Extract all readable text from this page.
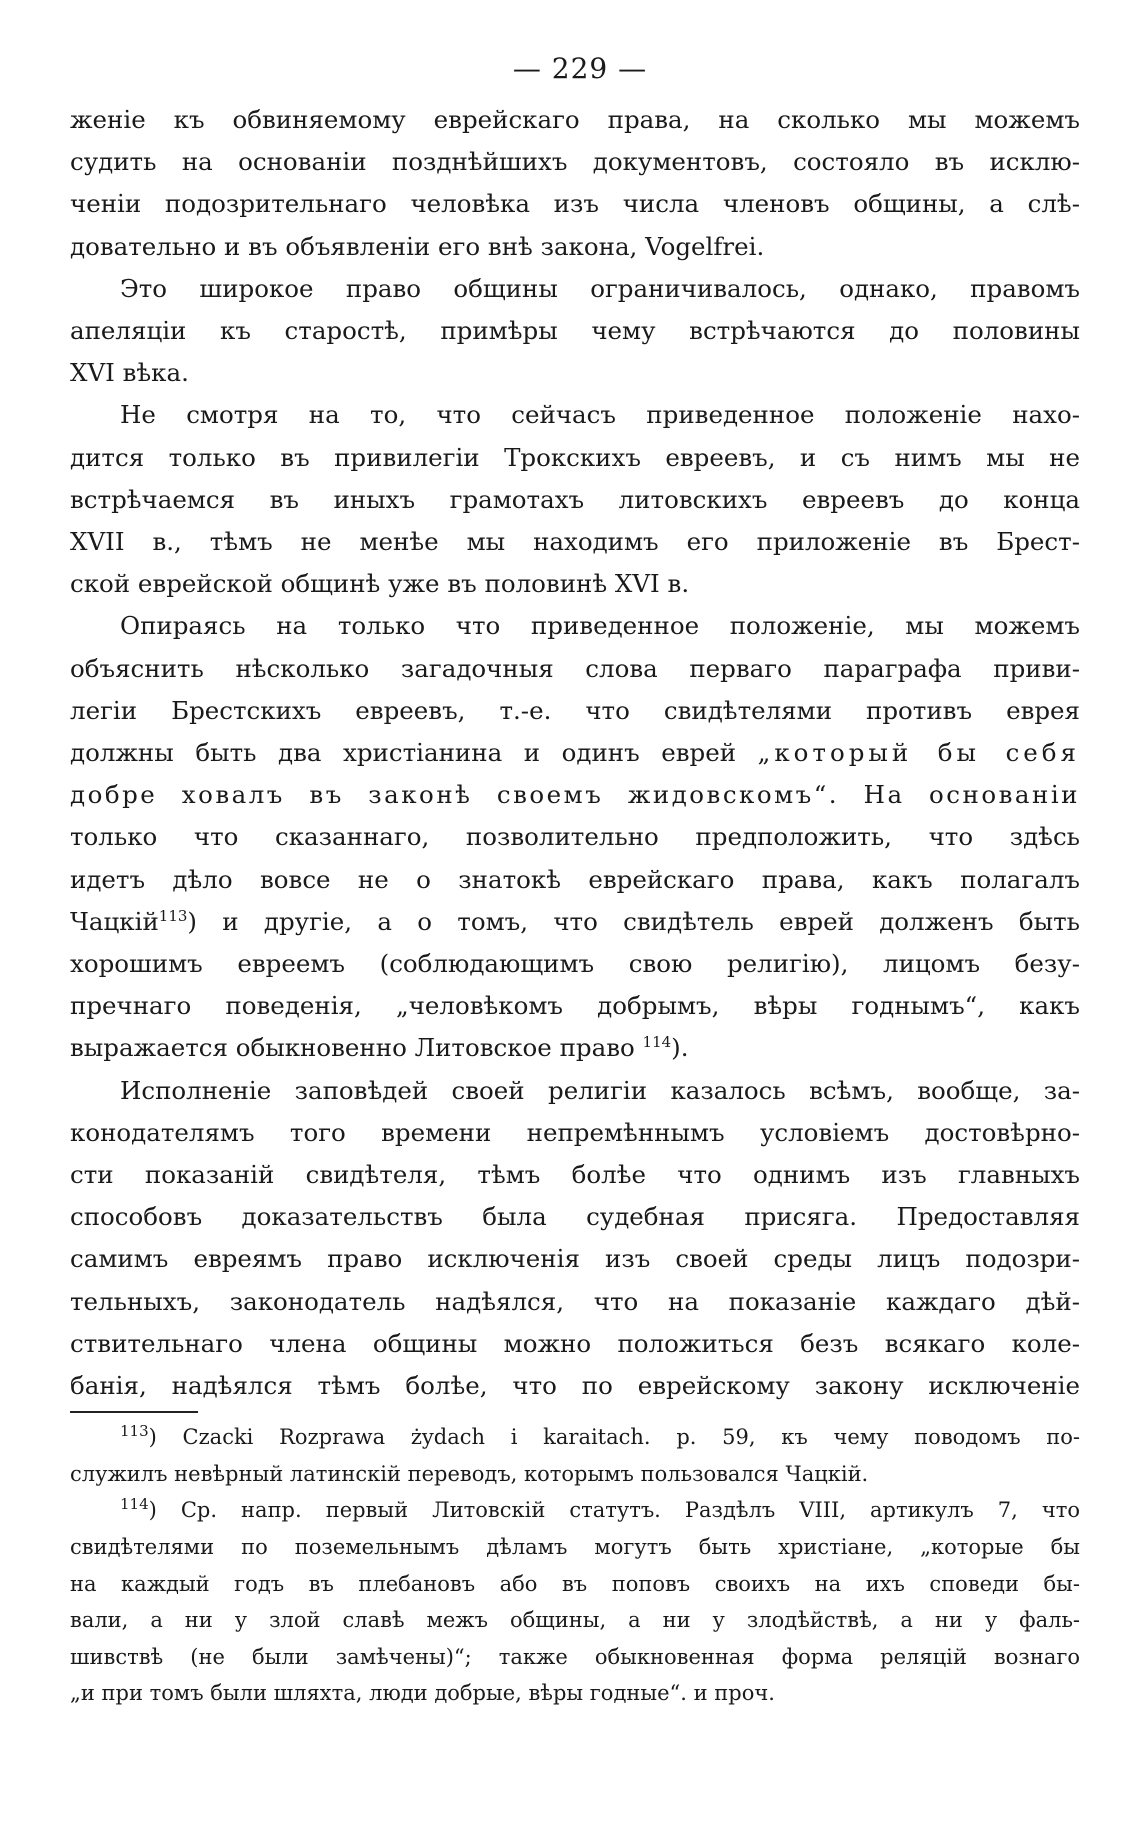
— 229 —

женіе къ обвиняемому еврейскаго права, на сколько мы можемъ
судить на основаніи позднѣйшихъ документовъ, состояло въ исклю-
ченіи подозрительнаго человѣка изъ числа членовъ общины, а слѣ-
довательно и въ объявленіи его внѣ закона, Vogelfrei.

Это широкое право общины ограничивалось, однако, правомъ
апеляціи къ старостѣ, примѣры чему встрѣчаются до половины
XVI вѣка.

Не смотря на то, что сейчасъ приведенное положеніе нахо-
дится только въ привилегіи Трокскихъ евреевъ, и съ нимъ мы не
встрѣчаемся въ иныхъ грамотахъ литовскихъ евреевъ до конца
XVII в., тѣмъ не менѣе мы находимъ его приложеніе въ Брест-
ской еврейской общинѣ уже въ половинѣ XVI в.

Опираясь на только что приведенное положеніе, мы можемъ
объяснить нѣсколько загадочныя слова перваго параграфа приви-
легіи Брестскихъ евреевъ, т.-е. что свидѣтелями противъ еврея
должны быть два христіанина и одинъ еврей „который бы себя
добре ховалъ въ законѣ своемъ жидовскомъ“. На основаніи
только что сказаннаго, позволительно предположить, что здѣсь
идетъ дѣло вовсе не о знатокѣ еврейскаго права, какъ полагалъ
Чацкій$^{113}$) и другіе, а о томъ, что свидѣтель еврей долженъ быть
хорошимъ евреемъ (соблюдающимъ свою религію), лицомъ безу-
пречнаго поведенія, „человѣкомъ добрымъ, вѣры годнымъ“, какъ
выражается обыкновенно Литовское право $^{114}$).

Исполненіе заповѣдей своей религіи казалось всѣмъ, вообще, за-
конодателямъ того времени непремѣннымъ условіемъ достовѣрно-
сти показаній свидѣтеля, тѣмъ болѣе что однимъ изъ главныхъ
способовъ доказательствъ была судебная присяга. Предоставляя
самимъ евреямъ право исключенія изъ своей среды лицъ подозри-
тельныхъ, законодатель надѣялся, что на показаніе каждаго дѣй-
ствительнаго члена общины можно положиться безъ всякаго коле-
банія, надѣялся тѣмъ болѣе, что по еврейскому закону исключеніе

$^{113}$) Czacki Rozprawa żydach i karaitach. p. 59, къ чему поводомъ по-
служилъ невѣрный латинскій переводъ, которымъ пользовался Чацкій.

$^{114}$) Ср. напр. первый Литовскій статутъ. Раздѣлъ VIII, артикулъ 7, что
свидѣтелями по поземельнымъ дѣламъ могутъ быть христіане, „которые бы
на каждый годъ въ плебановъ або въ поповъ своихъ на ихъ споведи бы-
вали, а ни у злой славѣ межъ общины, а ни у злодѣйствѣ, а ни у фаль-
шивствѣ (не были замѣчены)“; также обыкновенная форма реляцій вознаго
„и при томъ были шляхта, люди добрые, вѣры годные“. и проч.
